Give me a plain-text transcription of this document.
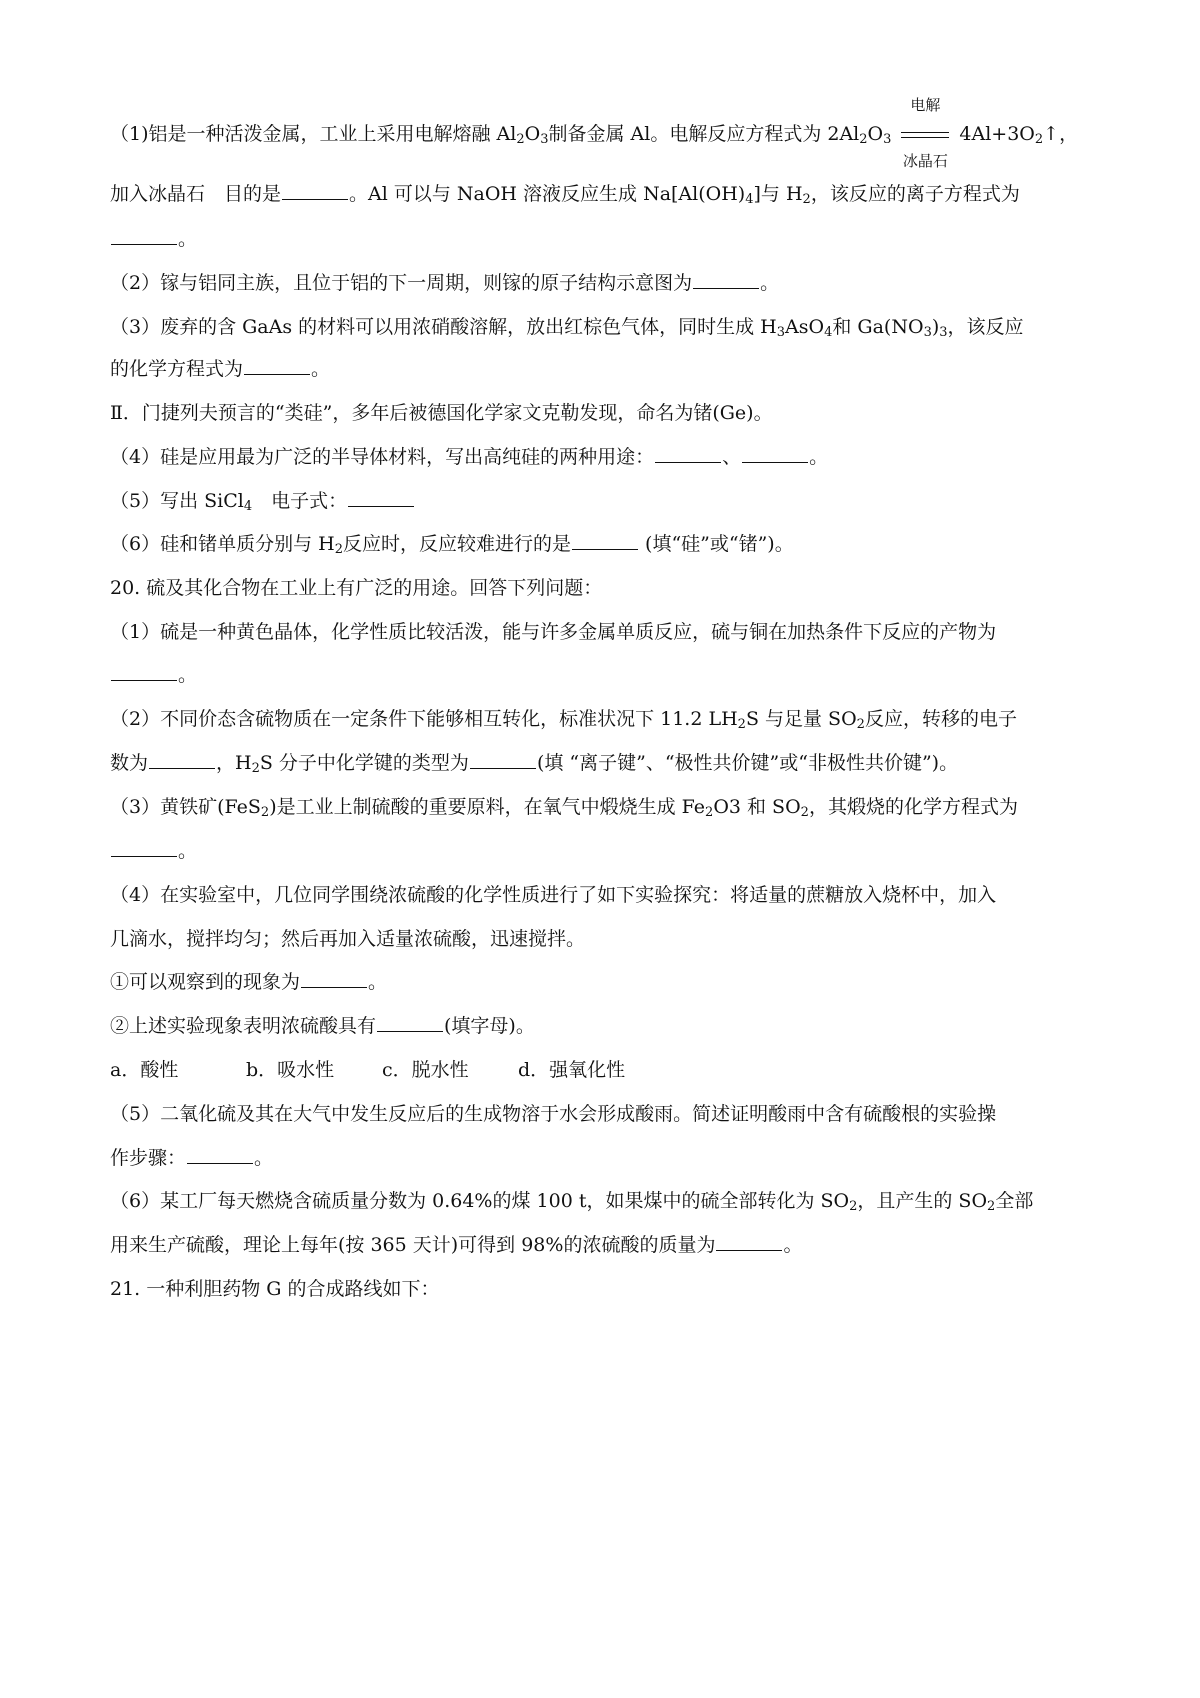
（1)铝是一种活泼金属，工业上采用电解熔融 $Al_2O_3$制备金属 Al。电解反应方程式为 $2Al_2O_3$
电解
冰晶石
$4Al+3O_2↑$，
加入冰晶石　目的是	。Al 可以与 NaOH 溶液反应生成 $Na[Al(OH)_4]$与 $H_2$，该反应的离子方程式为
。
（2）镓与铝同主族，且位于铝的下一周期，则镓的原子结构示意图为	。
（3）废弃的含 GaAs 的材料可以用浓硝酸溶解，放出红棕色气体，同时生成 $H_3AsO_4$和 $Ga(NO_3)_3$，该反应
的化学方程式为	。
Ⅱ．门捷列夫预言的“类硅”，多年后被德国化学家文克勒发现，命名为锗(Ge)。
（4）硅是应用最为广泛的半导体材料，写出高纯硅的两种用途：	、	。
（5）写出 SiCl$_4$　电子式：
（6）硅和锗单质分别与 $H_2$反应时，反应较难进行的是	(填“硅”或“锗”)。
20. 硫及其化合物在工业上有广泛的用途。回答下列问题：
（1）硫是一种黄色晶体，化学性质比较活泼，能与许多金属单质反应，硫与铜在加热条件下反应的产物为
。
（2）不同价态含硫物质在一定条件下能够相互转化，标准状况下 11.2 $LH_2S$ 与足量 $SO_2$反应，转移的电子
数为	，$H_2S$ 分子中化学键的类型为	(填 “离子键”、“极性共价键”或“非极性共价键”)。
（3）黄铁矿(FeS$_2$)是工业上制硫酸的重要原料，在氧气中煅烧生成 $Fe_2O3$ 和 $SO_2$，其煅烧的化学方程式为
。
（4）在实验室中，几位同学围绕浓硫酸的化学性质进行了如下实验探究：将适量的蔗糖放入烧杯中，加入
几滴水，搅拌均匀；然后再加入适量浓硫酸，迅速搅拌。
①可以观察到的现象为	。
②上述实验现象表明浓硫酸具有	(填字母)。
a．酸性	b．吸水性	c．脱水性	d．强氧化性
（5）二氧化硫及其在大气中发生反应后的生成物溶于水会形成酸雨。简述证明酸雨中含有硫酸根的实验操
作步骤：	。
（6）某工厂每天燃烧含硫质量分数为 0.64%的煤 100 t，如果煤中的硫全部转化为 $SO_2$，且产生的 $SO_2$全部
用来生产硫酸，理论上每年(按 365 天计)可得到 98%的浓硫酸的质量为	。
21. 一种利胆药物 G 的合成路线如下：
